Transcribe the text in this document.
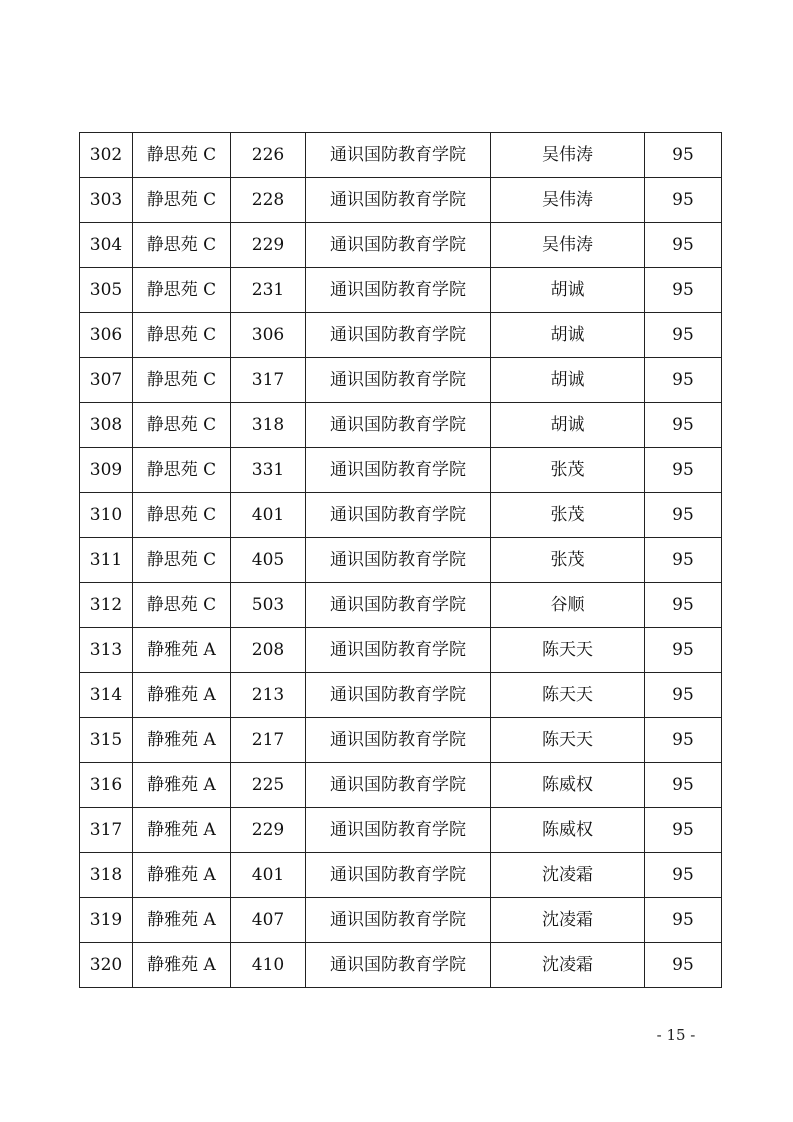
302	静思苑 C	226	通识国防教育学院	吴伟涛	95
303	静思苑 C	228	通识国防教育学院	吴伟涛	95
304	静思苑 C	229	通识国防教育学院	吴伟涛	95
305	静思苑 C	231	通识国防教育学院	胡诚	95
306	静思苑 C	306	通识国防教育学院	胡诚	95
307	静思苑 C	317	通识国防教育学院	胡诚	95
308	静思苑 C	318	通识国防教育学院	胡诚	95
309	静思苑 C	331	通识国防教育学院	张茂	95
310	静思苑 C	401	通识国防教育学院	张茂	95
311	静思苑 C	405	通识国防教育学院	张茂	95
312	静思苑 C	503	通识国防教育学院	谷顺	95
313	静雅苑 A	208	通识国防教育学院	陈天天	95
314	静雅苑 A	213	通识国防教育学院	陈天天	95
315	静雅苑 A	217	通识国防教育学院	陈天天	95
316	静雅苑 A	225	通识国防教育学院	陈威权	95
317	静雅苑 A	229	通识国防教育学院	陈威权	95
318	静雅苑 A	401	通识国防教育学院	沈凌霜	95
319	静雅苑 A	407	通识国防教育学院	沈凌霜	95
320	静雅苑 A	410	通识国防教育学院	沈凌霜	95
- 15 -
